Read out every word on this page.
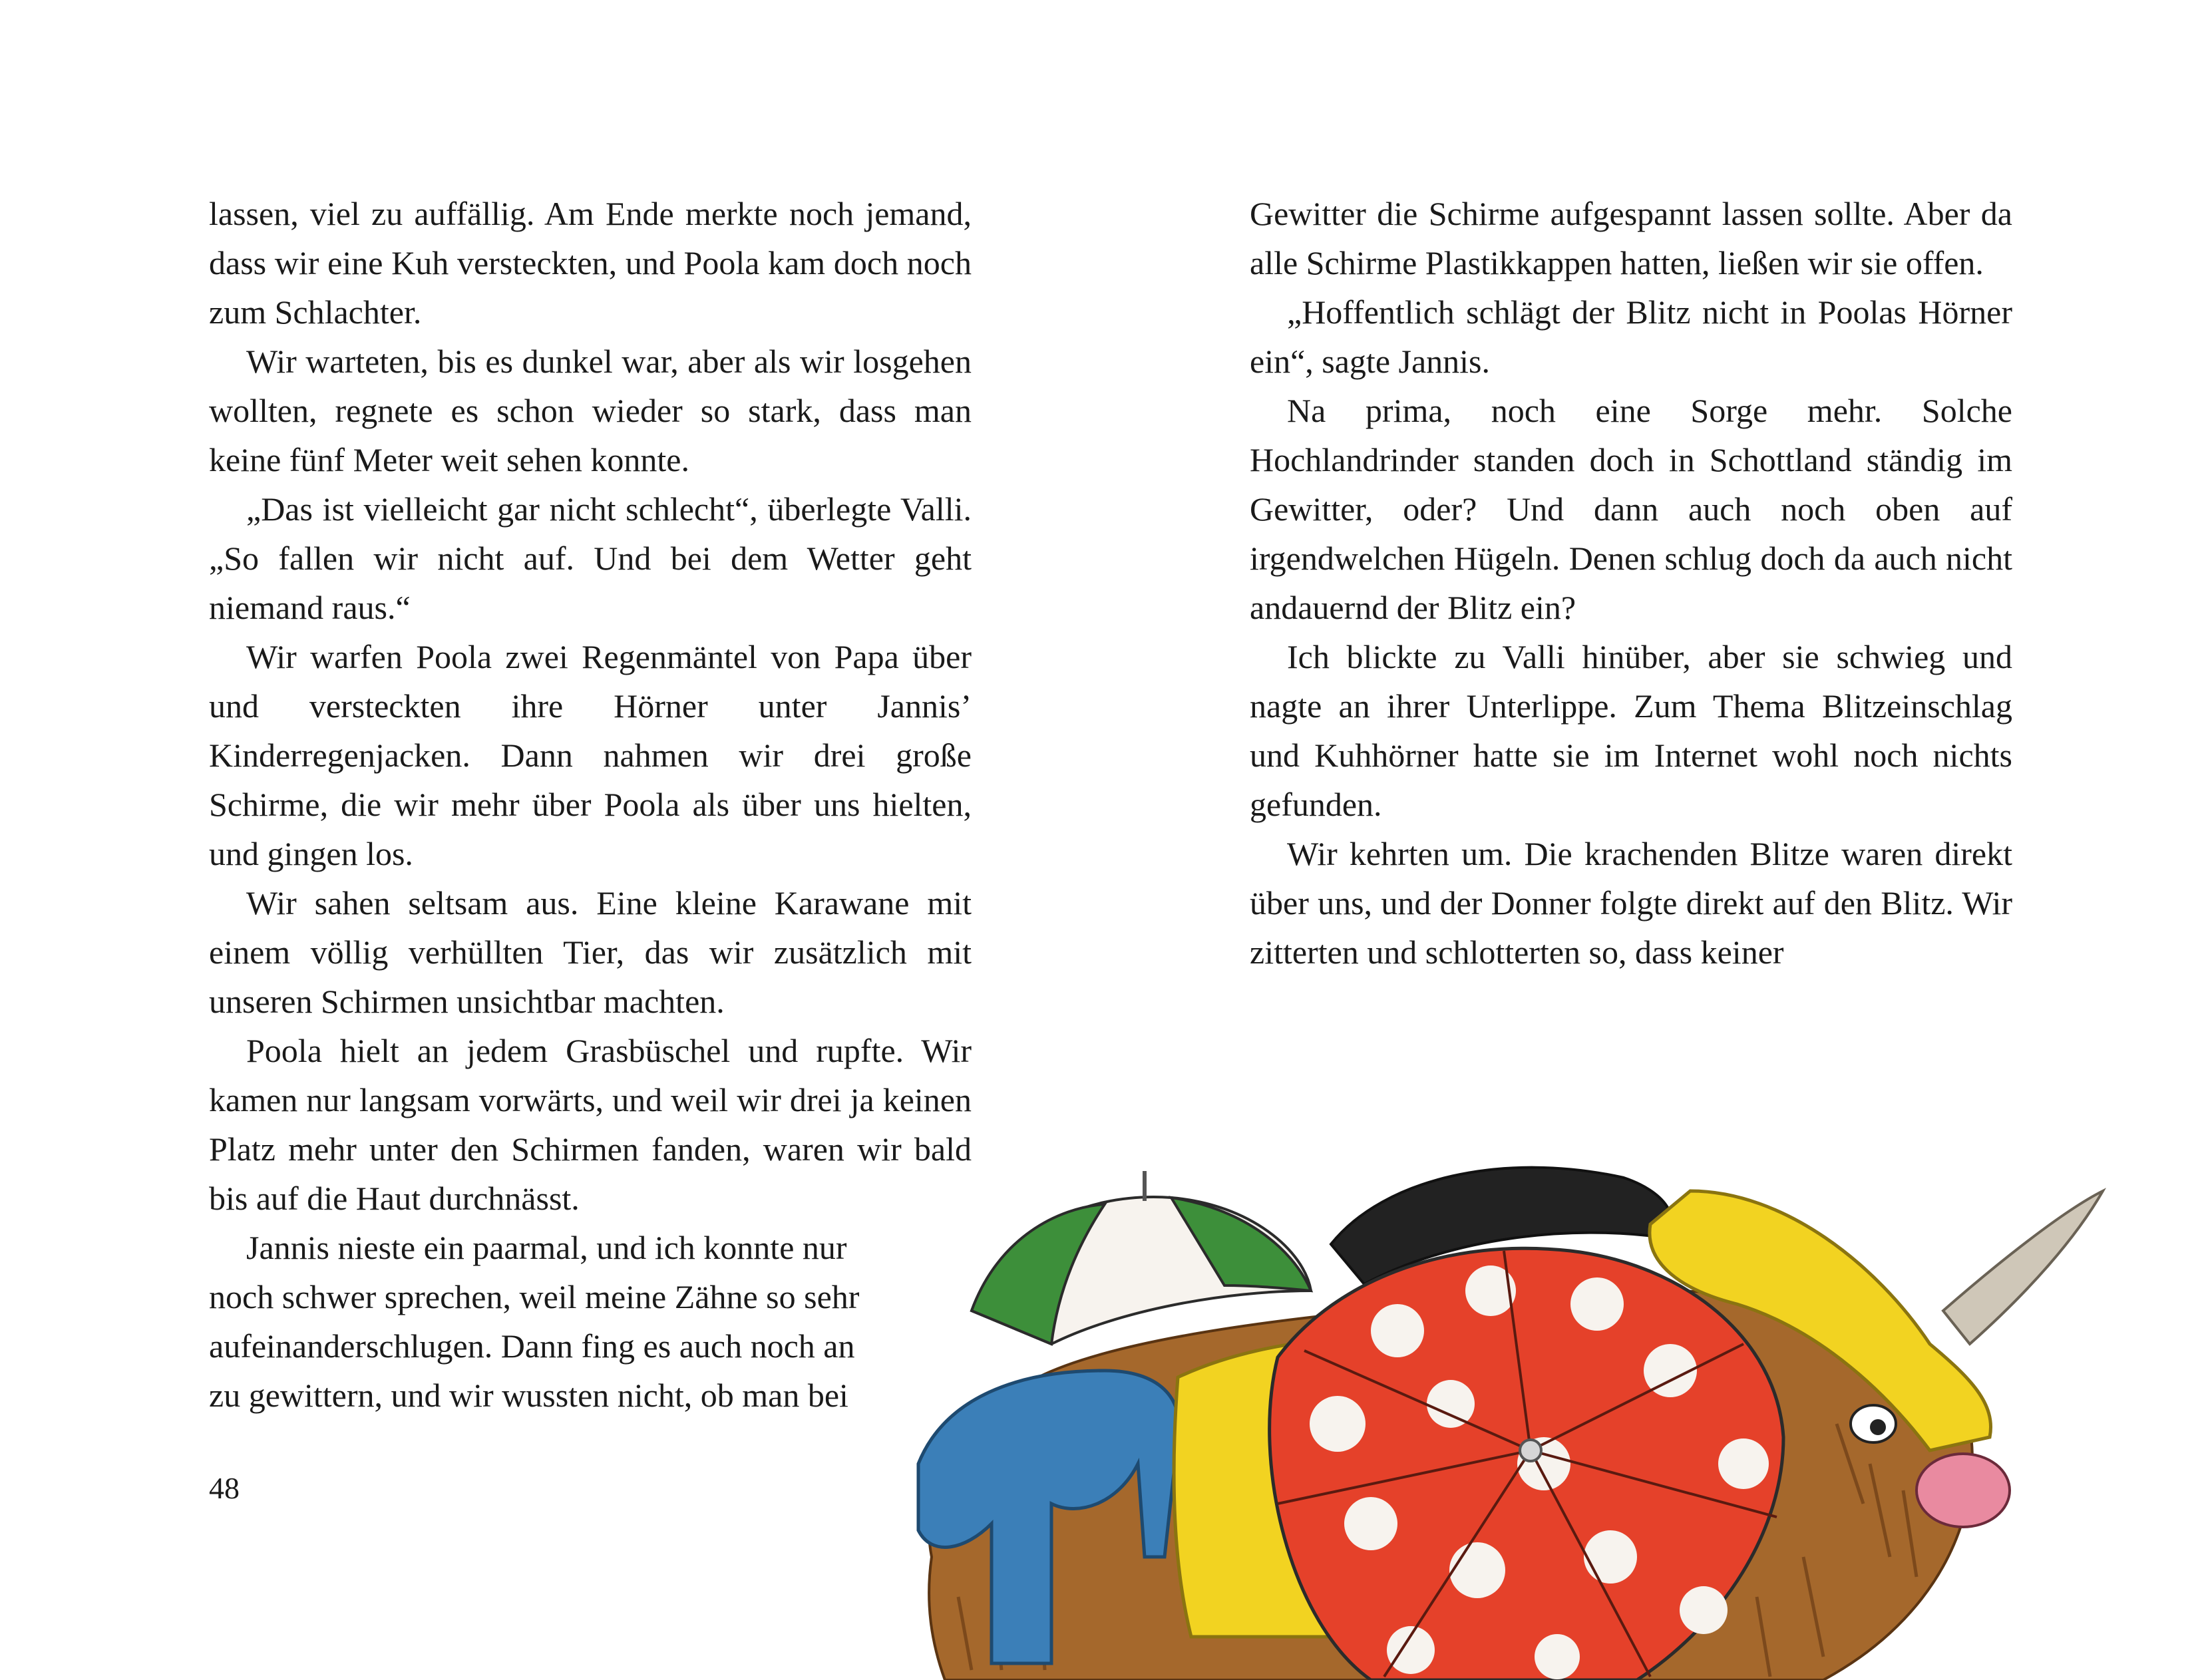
lassen, viel zu auffällig. Am Ende merkte noch jemand, dass wir eine Kuh versteckten, und Poola kam doch noch zum Schlachter.

Wir warteten, bis es dunkel war, aber als wir losgehen wollten, regnete es schon wieder so stark, dass man keine fünf Meter weit sehen konnte.

„Das ist vielleicht gar nicht schlecht“, überlegte Valli. „So fallen wir nicht auf. Und bei dem Wetter geht niemand raus.“

Wir warfen Poola zwei Regenmäntel von Papa über und versteckten ihre Hörner unter Jannis’ Kinderregenjacken. Dann nahmen wir drei große Schirme, die wir mehr über Poola als über uns hielten, und gingen los.

Wir sahen seltsam aus. Eine kleine Karawane mit einem völlig verhüllten Tier, das wir zusätzlich mit unseren Schirmen unsichtbar machten.

Poola hielt an jedem Grasbüschel und rupfte. Wir kamen nur langsam vorwärts, und weil wir drei ja keinen Platz mehr unter den Schirmen fanden, waren wir bald bis auf die Haut durchnässt.

Jannis nieste ein paarmal, und ich konnte nur noch schwer sprechen, weil meine Zähne so sehr aufeinanderschlugen. Dann fing es auch noch an zu gewittern, und wir wussten nicht, ob man bei

48

Gewitter die Schirme aufgespannt lassen sollte. Aber da alle Schirme Plastikkappen hatten, ließen wir sie offen.

„Hoffentlich schlägt der Blitz nicht in Poolas Hörner ein“, sagte Jannis.

Na prima, noch eine Sorge mehr. Solche Hochlandrinder standen doch in Schottland ständig im Gewitter, oder? Und dann auch noch oben auf irgendwelchen Hügeln. Denen schlug doch da auch nicht andauernd der Blitz ein?

Ich blickte zu Valli hinüber, aber sie schwieg und nagte an ihrer Unterlippe. Zum Thema Blitzeinschlag und Kuhhörner hatte sie im Internet wohl noch nichts gefunden.

Wir kehrten um. Die krachenden Blitze waren direkt über uns, und der Donner folgte direkt auf den Blitz. Wir zitterten und schlotterten so, dass keiner
